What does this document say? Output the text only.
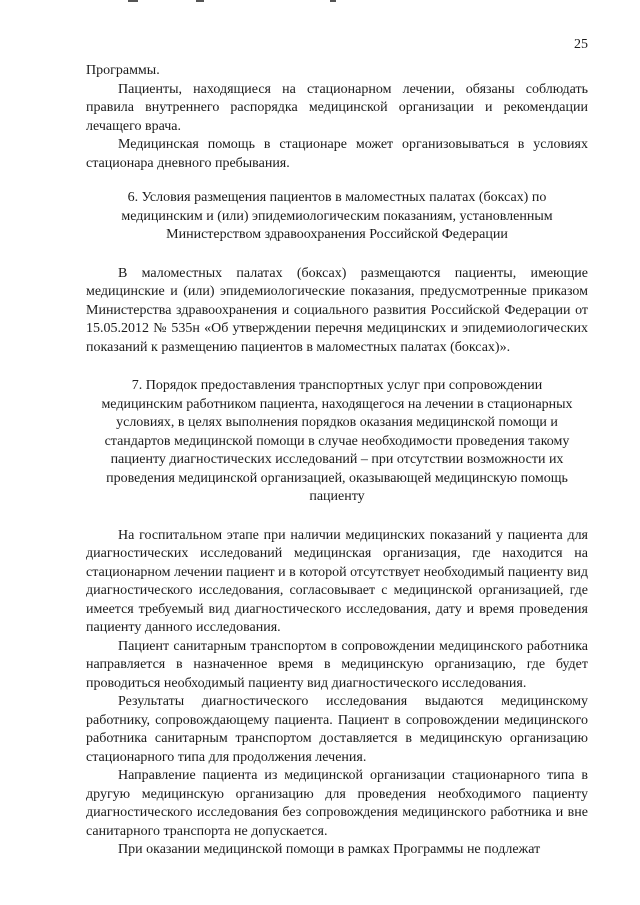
25

Программы.

Пациенты, находящиеся на стационарном лечении, обязаны соблюдать правила внутреннего распорядка медицинской организации и рекомендации лечащего врача.

Медицинская помощь в стационаре может организовываться в условиях стационара дневного пребывания.

6. Условия размещения пациентов в маломестных палатах (боксах) по медицинским и (или) эпидемиологическим показаниям, установленным Министерством здравоохранения Российской Федерации

В маломестных палатах (боксах) размещаются пациенты, имеющие медицинские и (или) эпидемиологические показания, предусмотренные приказом Министерства здравоохранения и социального развития Российской Федерации от 15.05.2012 № 535н «Об утверждении перечня медицинских и эпидемиологических показаний к размещению пациентов в маломестных палатах (боксах)».

7. Порядок предоставления транспортных услуг при сопровождении медицинским работником пациента, находящегося на лечении в стационарных условиях, в целях выполнения порядков оказания медицинской помощи и стандартов медицинской помощи в случае необходимости проведения такому пациенту диагностических исследований – при отсутствии возможности их проведения медицинской организацией, оказывающей медицинскую помощь пациенту

На госпитальном этапе при наличии медицинских показаний у пациента для диагностических исследований медицинская организация, где находится на стационарном лечении пациент и в которой отсутствует необходимый пациенту вид диагностического исследования, согласовывает с медицинской организацией, где имеется требуемый вид диагностического исследования, дату и время проведения пациенту данного исследования.

Пациент санитарным транспортом в сопровождении медицинского работника направляется в назначенное время в медицинскую организацию, где будет проводиться необходимый пациенту вид диагностического исследования.

Результаты диагностического исследования выдаются медицинскому работнику, сопровождающему пациента. Пациент в сопровождении медицинского работника санитарным транспортом доставляется в медицинскую организацию стационарного типа для продолжения лечения.

Направление пациента из медицинской организации стационарного типа в другую медицинскую организацию для проведения необходимого пациенту диагностического исследования без сопровождения медицинского работника и вне санитарного транспорта не допускается.

При оказании медицинской помощи в рамках Программы не подлежат
